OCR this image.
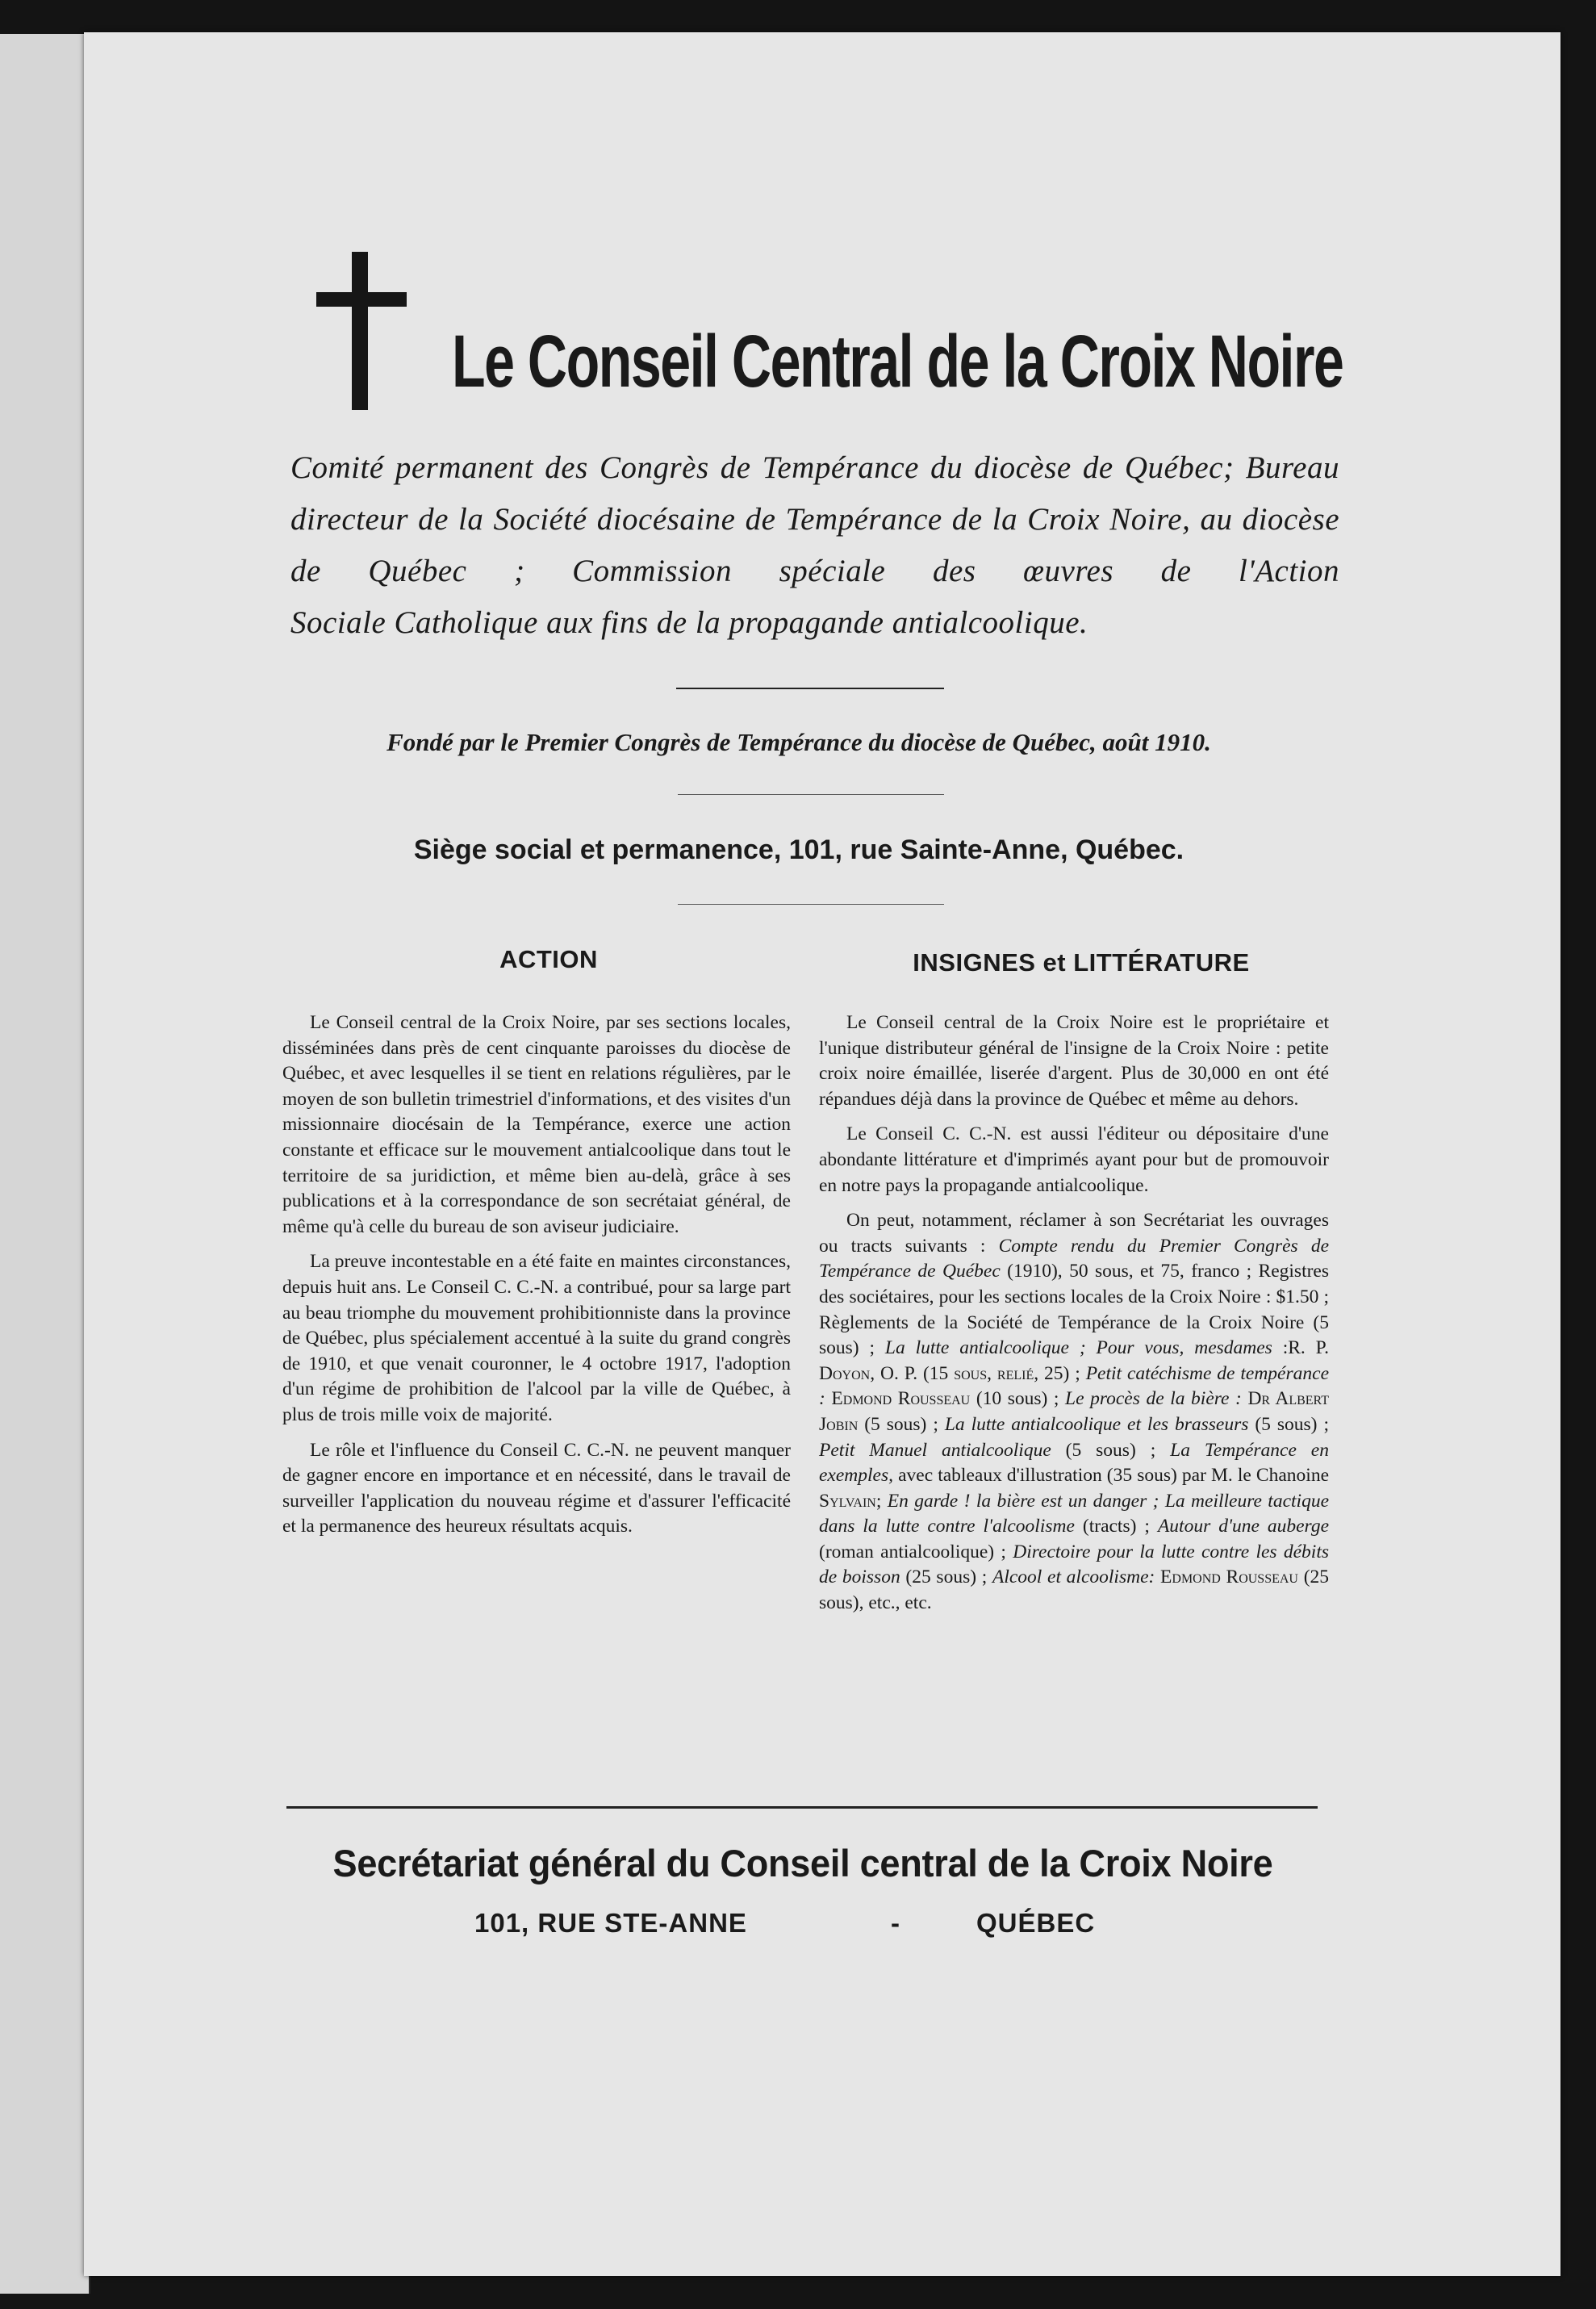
Le Conseil Central de la Croix Noire

Comité permanent des Congrès de Tempérance du diocèse de Québec; Bureau directeur de la Société diocésaine de Tempérance de la Croix Noire, au diocèse de Québec ; Commission spéciale des œuvres de l'Action
Sociale Catholique aux fins de la propagande antialcoolique.

Fondé par le Premier Congrès de Tempérance du diocèse de Québec, août 1910.

Siège social et permanence, 101, rue Sainte-Anne, Québec.

ACTION

Le Conseil central de la Croix Noire, par ses sections locales, disséminées dans près de cent cinquante paroisses du diocèse de Québec, et avec lesquelles il se tient en relations régulières, par le moyen de son bulletin trimestriel d'informations, et des visites d'un missionnaire diocésain de la Tempérance, exerce une action constante et efficace sur le mouvement antialcoolique dans tout le territoire de sa juridiction, et même bien au-delà, grâce à ses publications et à la correspondance de son secrétaiat général, de même qu'à celle du bureau de son aviseur judiciaire.

La preuve incontestable en a été faite en maintes circonstances, depuis huit ans. Le Conseil C. C.-N. a contribué, pour sa large part au beau triomphe du mouvement prohibitionniste dans la province de Québec, plus spécialement accentué à la suite du grand congrès de 1910, et que venait couronner, le 4 octobre 1917, l'adoption d'un régime de prohibition de l'alcool par la ville de Québec, à plus de trois mille voix de majorité.

Le rôle et l'influence du Conseil C. C.-N. ne peuvent manquer de gagner encore en importance et en nécessité, dans le travail de surveiller l'application du nouveau régime et d'assurer l'efficacité et la permanence des heureux résultats acquis.

INSIGNES et LITTÉRATURE

Le Conseil central de la Croix Noire est le propriétaire et l'unique distributeur général de l'insigne de la Croix Noire : petite croix noire émaillée, liserée d'argent. Plus de 30,000 en ont été répandues déjà dans la province de Québec et même au dehors.

Le Conseil C. C.-N. est aussi l'éditeur ou dépositaire d'une abondante littérature et d'imprimés ayant pour but de promouvoir en notre pays la propagande antialcoolique.

On peut, notamment, réclamer à son Secrétariat les ouvrages ou tracts suivants : Compte rendu du Premier Congrès de Tempérance de Québec (1910), 50 sous, et 75, franco ; Registres des sociétaires, pour les sections locales de la Croix Noire : $1.50 ; Règlements de la Société de Tempérance de la Croix Noire (5 sous) ; La lutte antialcoolique ; Pour vous, mesdames :R. P. Doyon, O. P. (15 sous, relié, 25) ; Petit catéchisme de tempérance : Edmond Rousseau (10 sous) ; Le procès de la bière : Dr Albert Jobin (5 sous) ; La lutte antialcoolique et les brasseurs (5 sous) ; Petit Manuel antialcoolique (5 sous) ; La Tempérance en exemples, avec tableaux d'illustration (35 sous) par M. le Chanoine Sylvain; En garde ! la bière est un danger ; La meilleure tactique dans la lutte contre l'alcoolisme (tracts) ; Autour d'une auberge (roman antialcoolique) ; Directoire pour la lutte contre les débits de boisson (25 sous) ; Alcool et alcoolisme: Edmond Rousseau (25 sous), etc., etc.

Secrétariat général du Conseil central de la Croix Noire

101, RUE STE-ANNE	-	QUÉBEC
